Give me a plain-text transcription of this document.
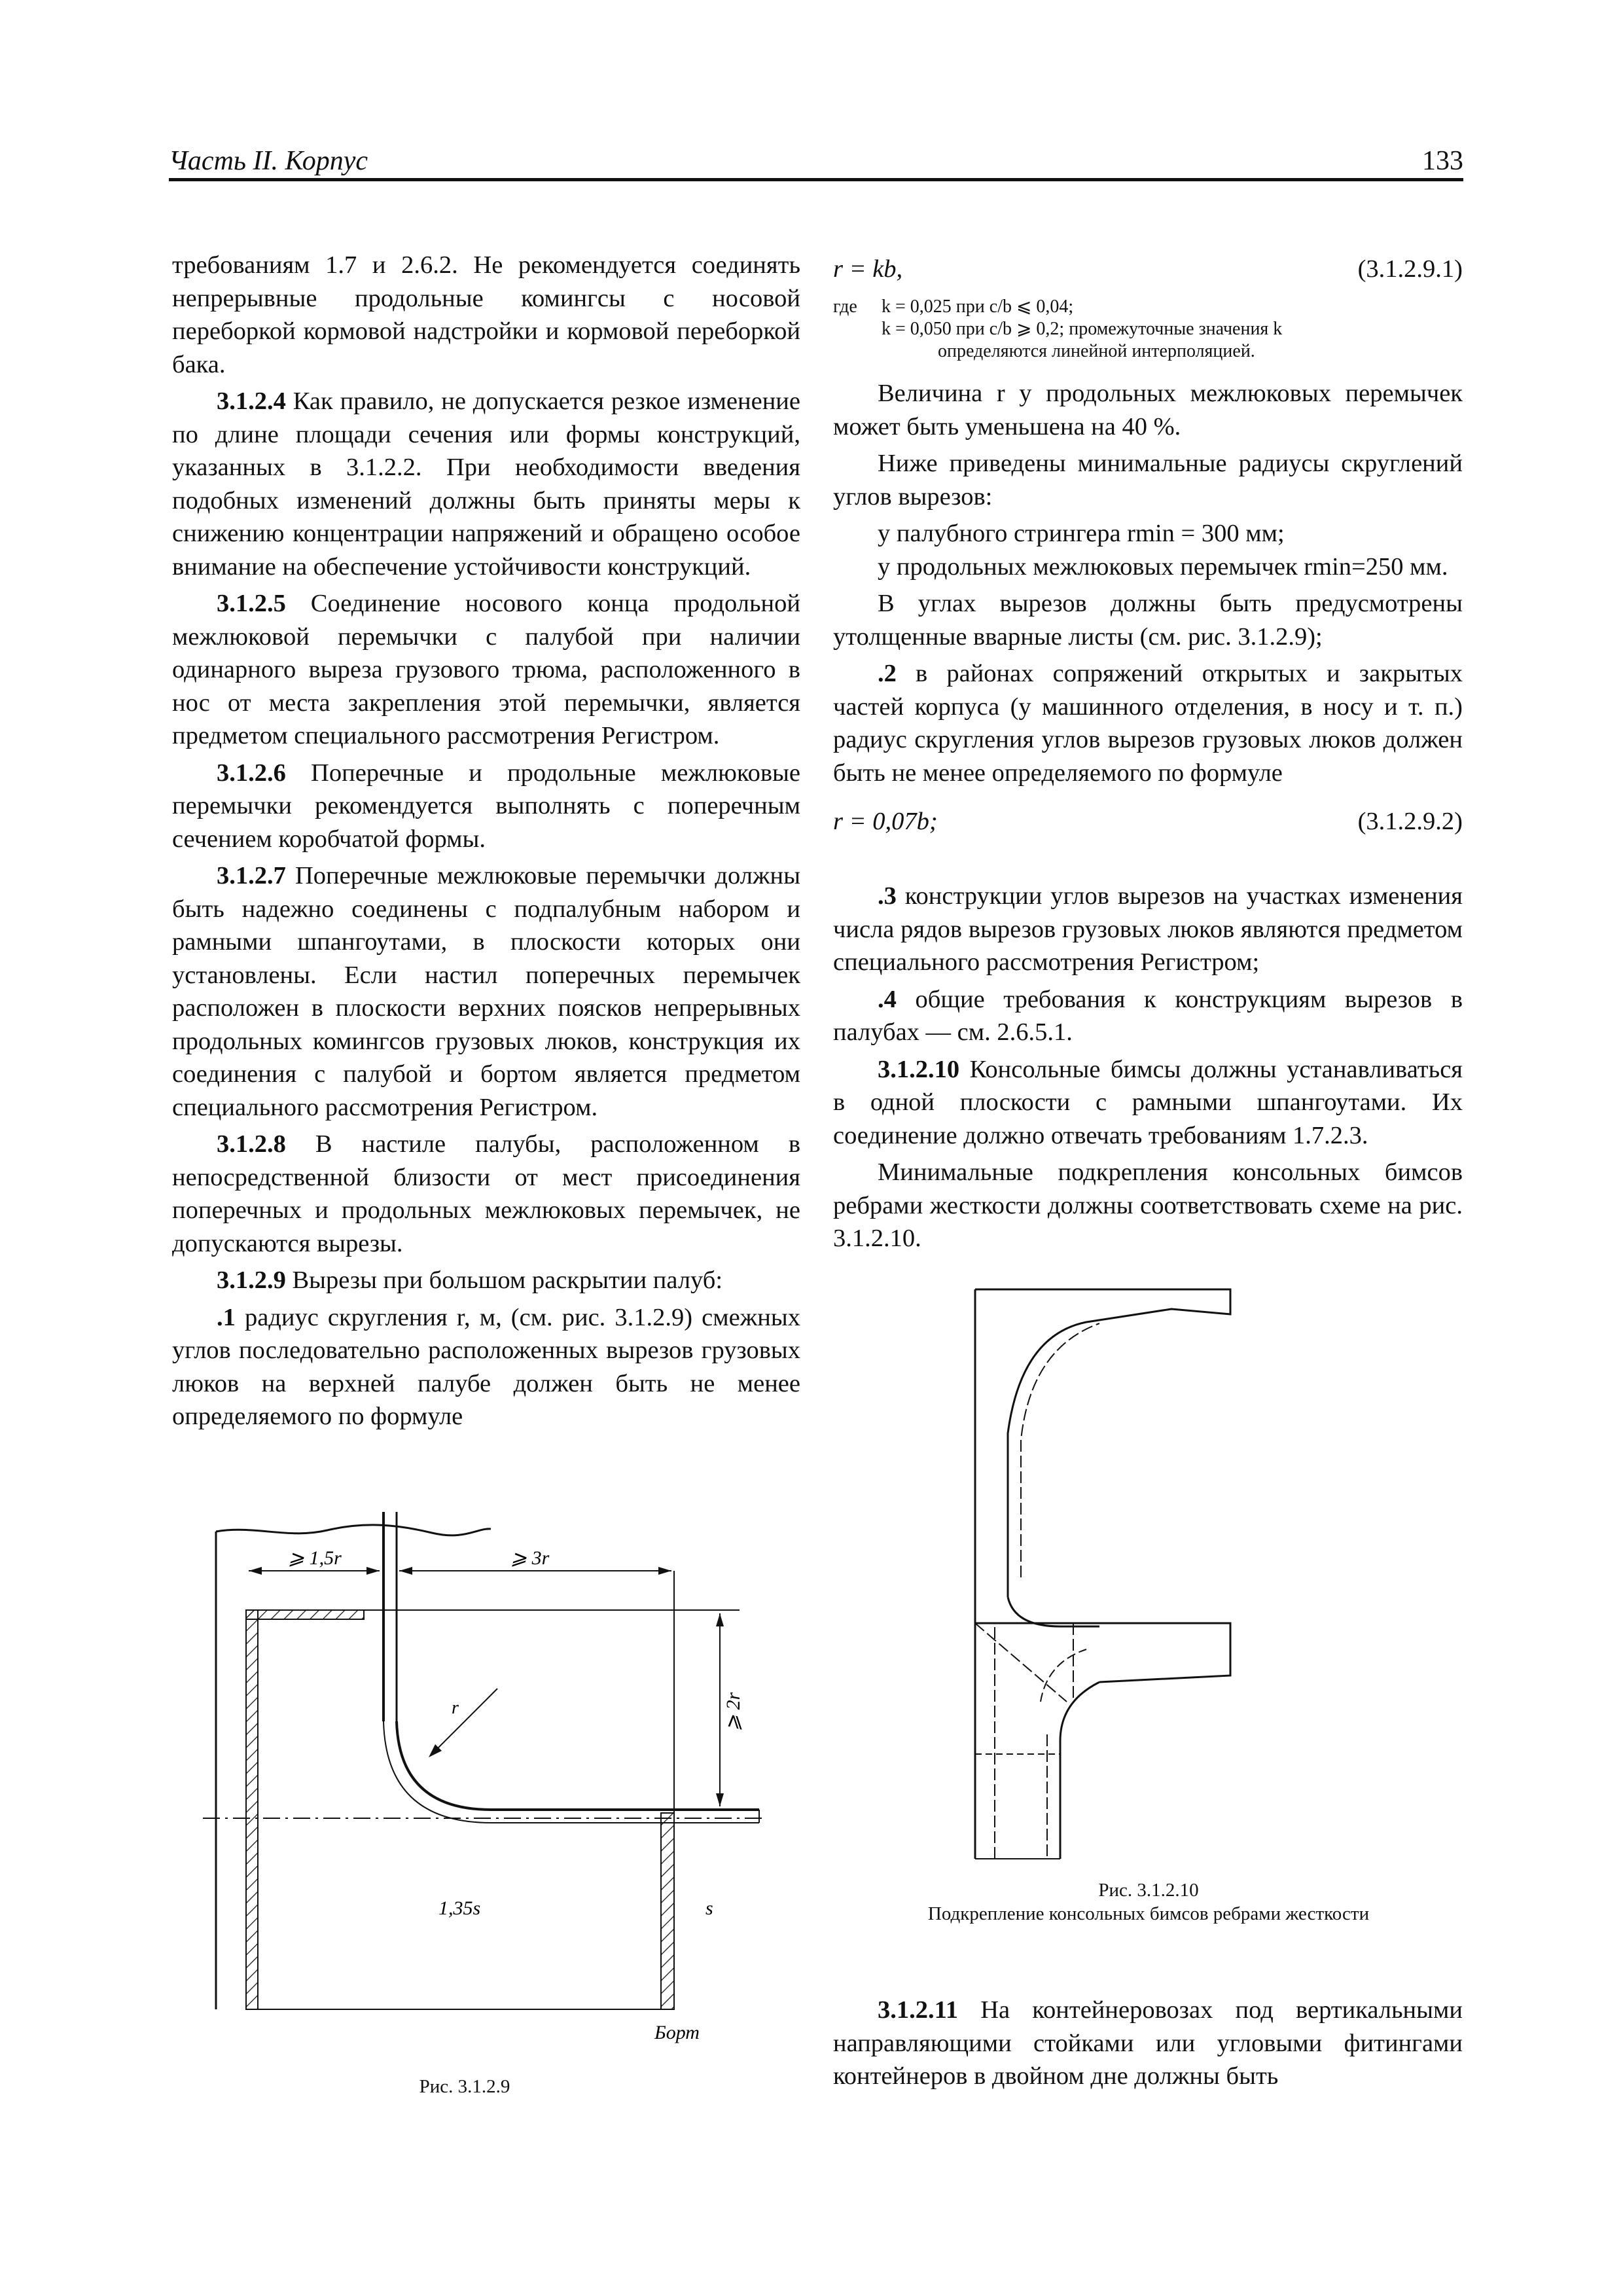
Часть II. Корпус	133

требованиям 1.7 и 2.6.2. Не рекомендуется соединять непрерывные продольные комингсы с носовой переборкой кормовой надстройки и кормовой переборкой бака.

3.1.2.4 Как правило, не допускается резкое изменение по длине площади сечения или формы конструкций, указанных в 3.1.2.2. При необходимости введения подобных изменений должны быть приняты меры к снижению концентрации напряжений и обращено особое внимание на обеспечение устойчивости конструкций.

3.1.2.5 Соединение носового конца продольной межлюковой перемычки с палубой при наличии одинарного выреза грузового трюма, расположенного в нос от места закрепления этой перемычки, является предметом специального рассмотрения Регистром.

3.1.2.6 Поперечные и продольные межлюковые перемычки рекомендуется выполнять с поперечным сечением коробчатой формы.

3.1.2.7 Поперечные межлюковые перемычки должны быть надежно соединены с подпалубным набором и рамными шпангоутами, в плоскости которых они установлены. Если настил поперечных перемычек расположен в плоскости верхних поясков непрерывных продольных комингсов грузовых люков, конструкция их соединения с палубой и бортом является предметом специального рассмотрения Регистром.

3.1.2.8 В настиле палубы, расположенном в непосредственной близости от мест присоединения поперечных и продольных межлюковых перемычек, не допускаются вырезы.

3.1.2.9 Вырезы при большом раскрытии палуб:

.1 радиус скругления r, м, (см. рис. 3.1.2.9) смежных углов последовательно расположенных вырезов грузовых люков на верхней палубе должен быть не менее определяемого по формуле

r = kb,	(3.1.2.9.1)
где	k = 0,025 при c/b ⩽ 0,04;
k = 0,050 при c/b ⩾ 0,2; промежуточные значения k
определяются линейной интерполяцией.

Величина r у продольных межлюковых перемычек может быть уменьшена на 40 %.

Ниже приведены минимальные радиусы скруглений углов вырезов:

у палубного стрингера rmin = 300 мм;

у продольных межлюковых перемычек rmin=250 мм.

В углах вырезов должны быть предусмотрены утолщенные вварные листы (см. рис. 3.1.2.9);

.2 в районах сопряжений открытых и закрытых частей корпуса (у машинного отделения, в носу и т. п.) радиус скругления углов вырезов грузовых люков должен быть не менее определяемого по формуле

r = 0,07b;	(3.1.2.9.2)

.3 конструкции углов вырезов на участках изменения числа рядов вырезов грузовых люков являются предметом специального рассмотрения Регистром;

.4 общие требования к конструкциям вырезов в палубах — см. 2.6.5.1.

3.1.2.10 Консольные бимсы должны устанавливаться в одной плоскости с рамными шпангоутами. Их соединение должно отвечать требованиям 1.7.2.3.

Минимальные подкрепления консольных бимсов ребрами жесткости должны соответствовать схеме на рис. 3.1.2.10.

3.1.2.11 На контейнеровозах под вертикальными направляющими стойками или угловыми фитингами контейнеров в двойном дне должны быть

⩾ 1,5r	⩾ 3r
⩾ 2r
r
1,35s	s
Борт
Рис. 3.1.2.9
Рис. 3.1.2.10
Подкрепление консольных бимсов ребрами жесткости
